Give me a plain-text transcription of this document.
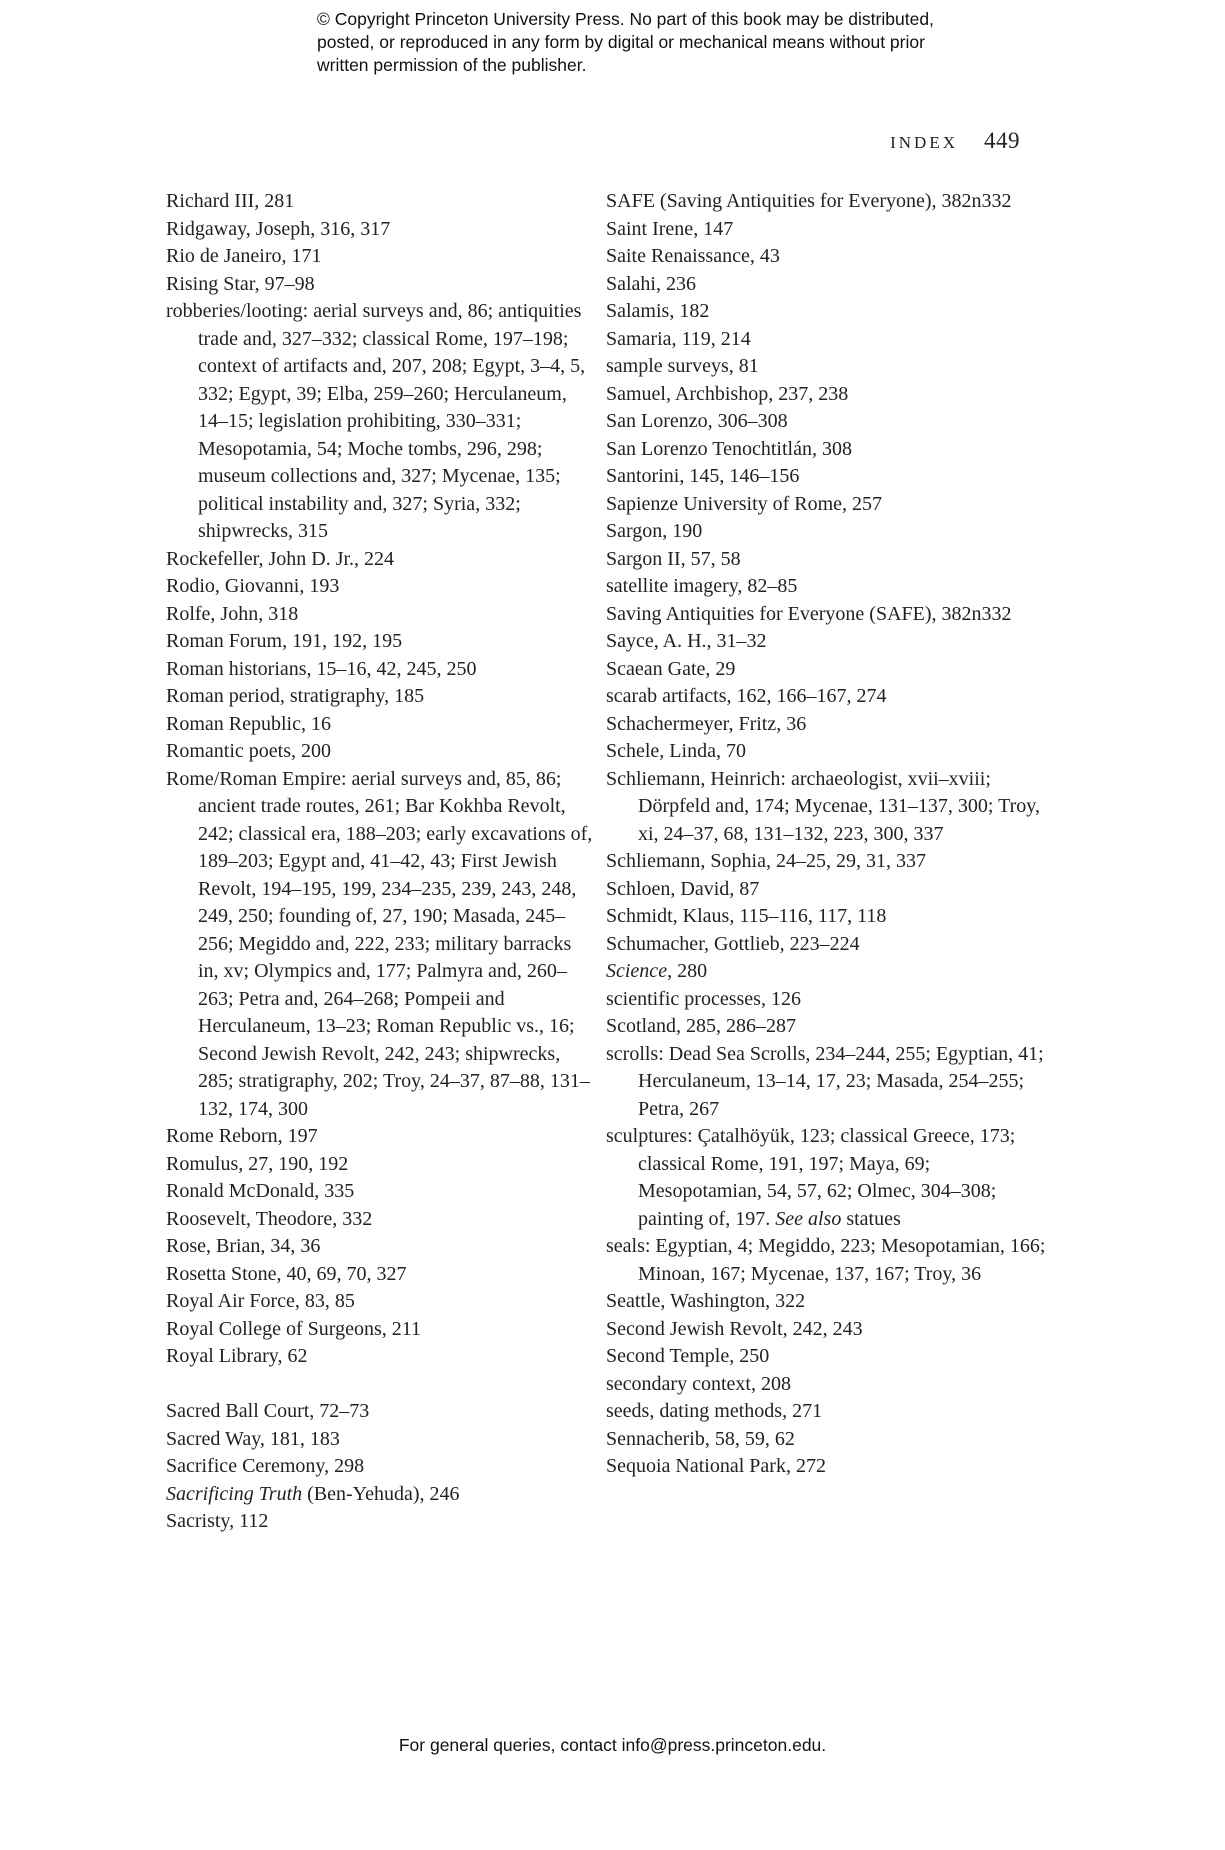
© Copyright Princeton University Press. No part of this book may be distributed, posted, or reproduced in any form by digital or mechanical means without prior written permission of the publisher.
INDEX 449
Richard III, 281
Ridgaway, Joseph, 316, 317
Rio de Janeiro, 171
Rising Star, 97–98
robberies/looting: aerial surveys and, 86; antiquities trade and, 327–332; classical Rome, 197–198; context of artifacts and, 207, 208; Egypt, 3–4, 5, 332; Egypt, 39; Elba, 259–260; Herculaneum, 14–15; legislation prohibiting, 330–331; Mesopotamia, 54; Moche tombs, 296, 298; museum collections and, 327; Mycenae, 135; political instability and, 327; Syria, 332; shipwrecks, 315
Rockefeller, John D. Jr., 224
Rodio, Giovanni, 193
Rolfe, John, 318
Roman Forum, 191, 192, 195
Roman historians, 15–16, 42, 245, 250
Roman period, stratigraphy, 185
Roman Republic, 16
Romantic poets, 200
Rome/Roman Empire: aerial surveys and, 85, 86; ancient trade routes, 261; Bar Kokhba Revolt, 242; classical era, 188–203; early excavations of, 189–203; Egypt and, 41–42, 43; First Jewish Revolt, 194–195, 199, 234–235, 239, 243, 248, 249, 250; founding of, 27, 190; Masada, 245–256; Megiddo and, 222, 233; military barracks in, xv; Olympics and, 177; Palmyra and, 260–263; Petra and, 264–268; Pompeii and Herculaneum, 13–23; Roman Republic vs., 16; Second Jewish Revolt, 242, 243; shipwrecks, 285; stratigraphy, 202; Troy, 24–37, 87–88, 131–132, 174, 300
Rome Reborn, 197
Romulus, 27, 190, 192
Ronald McDonald, 335
Roosevelt, Theodore, 332
Rose, Brian, 34, 36
Rosetta Stone, 40, 69, 70, 327
Royal Air Force, 83, 85
Royal College of Surgeons, 211
Royal Library, 62
Sacred Ball Court, 72–73
Sacred Way, 181, 183
Sacrifice Ceremony, 298
Sacrificing Truth (Ben-Yehuda), 246
Sacristy, 112
SAFE (Saving Antiquities for Everyone), 382n332
Saint Irene, 147
Saite Renaissance, 43
Salahi, 236
Salamis, 182
Samaria, 119, 214
sample surveys, 81
Samuel, Archbishop, 237, 238
San Lorenzo, 306–308
San Lorenzo Tenochtitlán, 308
Santorini, 145, 146–156
Sapienze University of Rome, 257
Sargon, 190
Sargon II, 57, 58
satellite imagery, 82–85
Saving Antiquities for Everyone (SAFE), 382n332
Sayce, A. H., 31–32
Scaean Gate, 29
scarab artifacts, 162, 166–167, 274
Schachermeyer, Fritz, 36
Schele, Linda, 70
Schliemann, Heinrich: archaeologist, xvii–xviii; Dörpfeld and, 174; Mycenae, 131–137, 300; Troy, xi, 24–37, 68, 131–132, 223, 300, 337
Schliemann, Sophia, 24–25, 29, 31, 337
Schloen, David, 87
Schmidt, Klaus, 115–116, 117, 118
Schumacher, Gottlieb, 223–224
Science, 280
scientific processes, 126
Scotland, 285, 286–287
scrolls: Dead Sea Scrolls, 234–244, 255; Egyptian, 41; Herculaneum, 13–14, 17, 23; Masada, 254–255; Petra, 267
sculptures: Çatalhöyük, 123; classical Greece, 173; classical Rome, 191, 197; Maya, 69; Mesopotamian, 54, 57, 62; Olmec, 304–308; painting of, 197. See also statues
seals: Egyptian, 4; Megiddo, 223; Mesopotamian, 166; Minoan, 167; Mycenae, 137, 167; Troy, 36
Seattle, Washington, 322
Second Jewish Revolt, 242, 243
Second Temple, 250
secondary context, 208
seeds, dating methods, 271
Sennacherib, 58, 59, 62
Sequoia National Park, 272
For general queries, contact info@press.princeton.edu.
